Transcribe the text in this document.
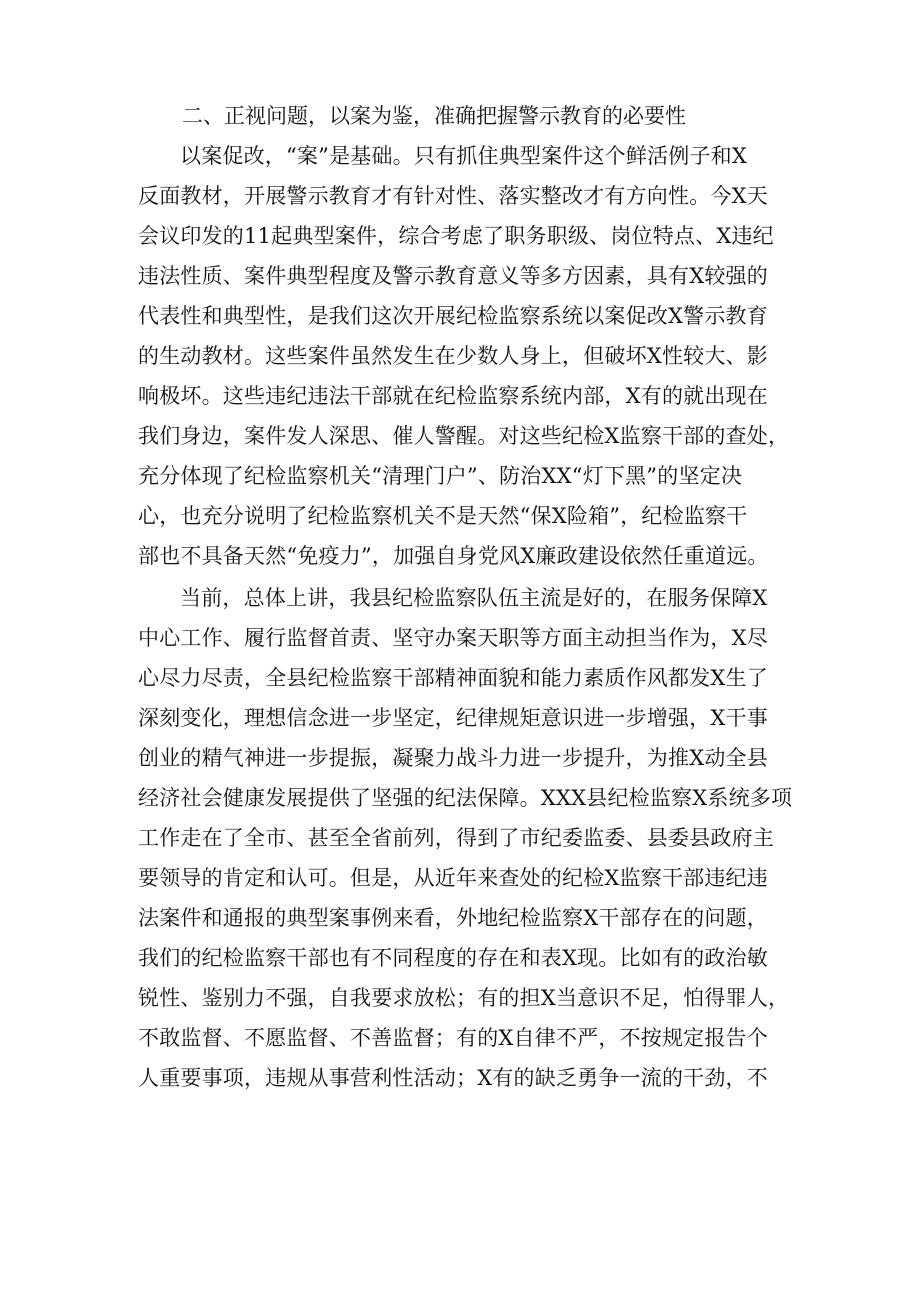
二、正视问题，以案为鉴，准确把握警示教育的必要性
以案促改，“案”是基础。只有抓住典型案件这个鲜活例子和X
反面教材，开展警示教育才有针对性、落实整改才有方向性。今X天
会议印发的11起典型案件，综合考虑了职务职级、岗位特点、X违纪
违法性质、案件典型程度及警示教育意义等多方因素，具有X较强的
代表性和典型性，是我们这次开展纪检监察系统以案促改X警示教育
的生动教材。这些案件虽然发生在少数人身上，但破坏X性较大、影
响极坏。这些违纪违法干部就在纪检监察系统内部，X有的就出现在
我们身边，案件发人深思、催人警醒。对这些纪检X监察干部的查处，
充分体现了纪检监察机关“清理门户”、防治XX“灯下黑”的坚定决
心，也充分说明了纪检监察机关不是天然“保X险箱”，纪检监察干
部也不具备天然“免疫力”，加强自身党风X廉政建设依然任重道远。
当前，总体上讲，我县纪检监察队伍主流是好的，在服务保障X
中心工作、履行监督首责、坚守办案天职等方面主动担当作为，X尽
心尽力尽责，全县纪检监察干部精神面貌和能力素质作风都发X生了
深刻变化，理想信念进一步坚定，纪律规矩意识进一步增强，X干事
创业的精气神进一步提振，凝聚力战斗力进一步提升，为推X动全县
经济社会健康发展提供了坚强的纪法保障。XXX县纪检监察X系统多项
工作走在了全市、甚至全省前列，得到了市纪委监委、县委县政府主
要领导的肯定和认可。但是，从近年来查处的纪检X监察干部违纪违
法案件和通报的典型案事例来看，外地纪检监察X干部存在的问题，
我们的纪检监察干部也有不同程度的存在和表X现。比如有的政治敏
锐性、鉴别力不强，自我要求放松；有的担X当意识不足，怕得罪人，
不敢监督、不愿监督、不善监督；有的X自律不严，不按规定报告个
人重要事项，违规从事营利性活动；X有的缺乏勇争一流的干劲，不
